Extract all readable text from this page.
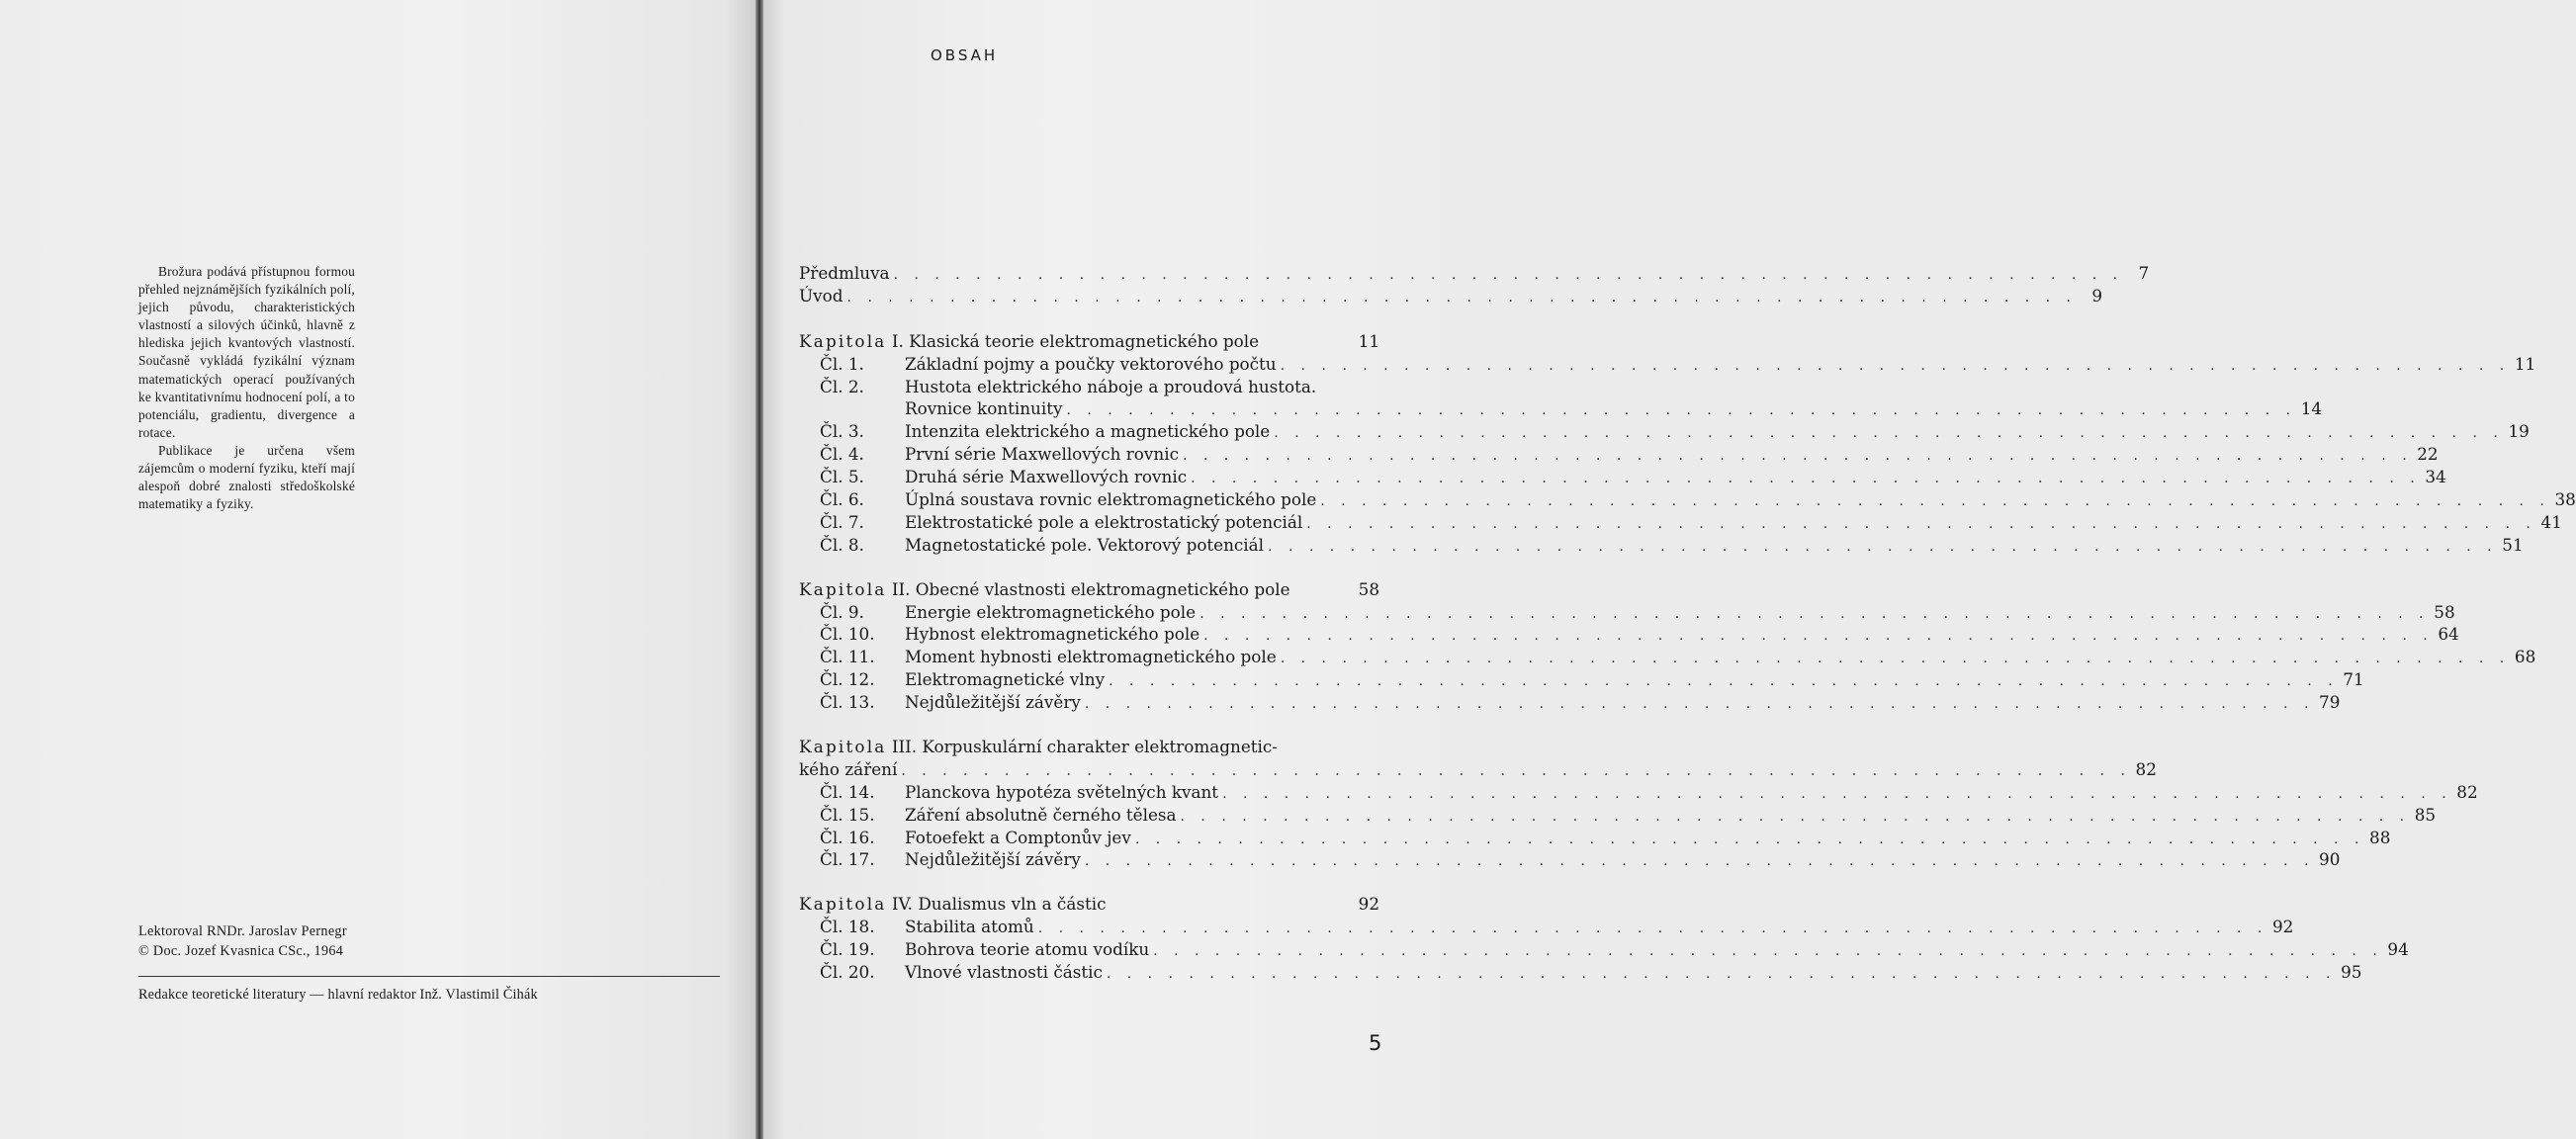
Brožura podává přístupnou formou přehled nejznámějších fyzikálních polí, jejich původu, charakteristických vlastností a silových účinků, hlavně z hlediska jejich kvantových vlastností. Současně vykládá fyzikální význam matematických operací používaných ke kvantitativnímu hodnocení polí, a to potenciálu, gradientu, divergence a rotace.

Publikace je určena všem zájemcům o moderní fyziku, kteří mají alespoň dobré znalosti středoškolské matematiky a fyziky.

Lektoroval RNDr. Jaroslav Pernegr
© Doc. Jozef Kvasnica CSc., 1964
Redakce teoretické literatury — hlavní redaktor Inž. Vlastimil Čihák
OBSAH
Předmluva . . . . . . . . . . . . . . . . . . . . . . . . . . . . . . . . . . . . . . . . . . . . . . . . . . . . . . . . . . . . 7
Úvod . . . . . . . . . . . . . . . . . . . . . . . . . . . . . . . . . . . . . . . . . . . . . . . . . . . . . . . . . . . . 9
Kapitola I. Klasická teorie elektromagnetického pole	11
Čl. 1. Základní pojmy a poučky vektorového počtu . . . . . . . . . . . . . . . . . . . . . . . . . . . . . . . . . . . . . . . . . . . . . . . . . . . . . . . . . . . . 11
Čl. 2. Hustota elektrického náboje a proudová hustota.
Rovnice kontinuity . . . . . . . . . . . . . . . . . . . . . . . . . . . . . . . . . . . . . . . . . . . . . . . . . . . . . . . . . . . . 14
Čl. 3. Intenzita elektrického a magnetického pole . . . . . . . . . . . . . . . . . . . . . . . . . . . . . . . . . . . . . . . . . . . . . . . . . . . . . . . . . . . . 19
Čl. 4. První série Maxwellových rovnic . . . . . . . . . . . . . . . . . . . . . . . . . . . . . . . . . . . . . . . . . . . . . . . . . . . . . . . . . . . . 22
Čl. 5. Druhá série Maxwellových rovnic . . . . . . . . . . . . . . . . . . . . . . . . . . . . . . . . . . . . . . . . . . . . . . . . . . . . . . . . . . . . 34
Čl. 6. Úplná soustava rovnic elektromagnetického pole . . . . . . . . . . . . . . . . . . . . . . . . . . . . . . . . . . . . . . . . . . . . . . . . . . . . . . . . . . . . 38
Čl. 7. Elektrostatické pole a elektrostatický potenciál . . . . . . . . . . . . . . . . . . . . . . . . . . . . . . . . . . . . . . . . . . . . . . . . . . . . . . . . . . . . 41
Čl. 8. Magnetostatické pole. Vektorový potenciál . . . . . . . . . . . . . . . . . . . . . . . . . . . . . . . . . . . . . . . . . . . . . . . . . . . . . . . . . . . . 51
Kapitola II. Obecné vlastnosti elektromagnetického pole	58
Čl. 9. Energie elektromagnetického pole . . . . . . . . . . . . . . . . . . . . . . . . . . . . . . . . . . . . . . . . . . . . . . . . . . . . . . . . . . . . 58
Čl. 10. Hybnost elektromagnetického pole . . . . . . . . . . . . . . . . . . . . . . . . . . . . . . . . . . . . . . . . . . . . . . . . . . . . . . . . . . . . 64
Čl. 11. Moment hybnosti elektromagnetického pole . . . . . . . . . . . . . . . . . . . . . . . . . . . . . . . . . . . . . . . . . . . . . . . . . . . . . . . . . . . . 68
Čl. 12. Elektromagnetické vlny . . . . . . . . . . . . . . . . . . . . . . . . . . . . . . . . . . . . . . . . . . . . . . . . . . . . . . . . . . . . 71
Čl. 13. Nejdůležitější závěry . . . . . . . . . . . . . . . . . . . . . . . . . . . . . . . . . . . . . . . . . . . . . . . . . . . . . . . . . . . . 79
Kapitola III. Korpuskulární charakter elektromagnetic-
kého záření . . . . . . . . . . . . . . . . . . . . . . . . . . . . . . . . . . . . . . . . . . . . . . . . . . . . . . . . . . . . 82
Čl. 14. Planckova hypotéza světelných kvant . . . . . . . . . . . . . . . . . . . . . . . . . . . . . . . . . . . . . . . . . . . . . . . . . . . . . . . . . . . . 82
Čl. 15. Záření absolutně černého tělesa . . . . . . . . . . . . . . . . . . . . . . . . . . . . . . . . . . . . . . . . . . . . . . . . . . . . . . . . . . . . 85
Čl. 16. Fotoefekt a Comptonův jev . . . . . . . . . . . . . . . . . . . . . . . . . . . . . . . . . . . . . . . . . . . . . . . . . . . . . . . . . . . . 88
Čl. 17. Nejdůležitější závěry . . . . . . . . . . . . . . . . . . . . . . . . . . . . . . . . . . . . . . . . . . . . . . . . . . . . . . . . . . . . 90
Kapitola IV. Dualismus vln a částic	92
Čl. 18. Stabilita atomů . . . . . . . . . . . . . . . . . . . . . . . . . . . . . . . . . . . . . . . . . . . . . . . . . . . . . . . . . . . . 92
Čl. 19. Bohrova teorie atomu vodíku . . . . . . . . . . . . . . . . . . . . . . . . . . . . . . . . . . . . . . . . . . . . . . . . . . . . . . . . . . . . 94
Čl. 20. Vlnové vlastnosti částic . . . . . . . . . . . . . . . . . . . . . . . . . . . . . . . . . . . . . . . . . . . . . . . . . . . . . . . . . . . . 95
5
